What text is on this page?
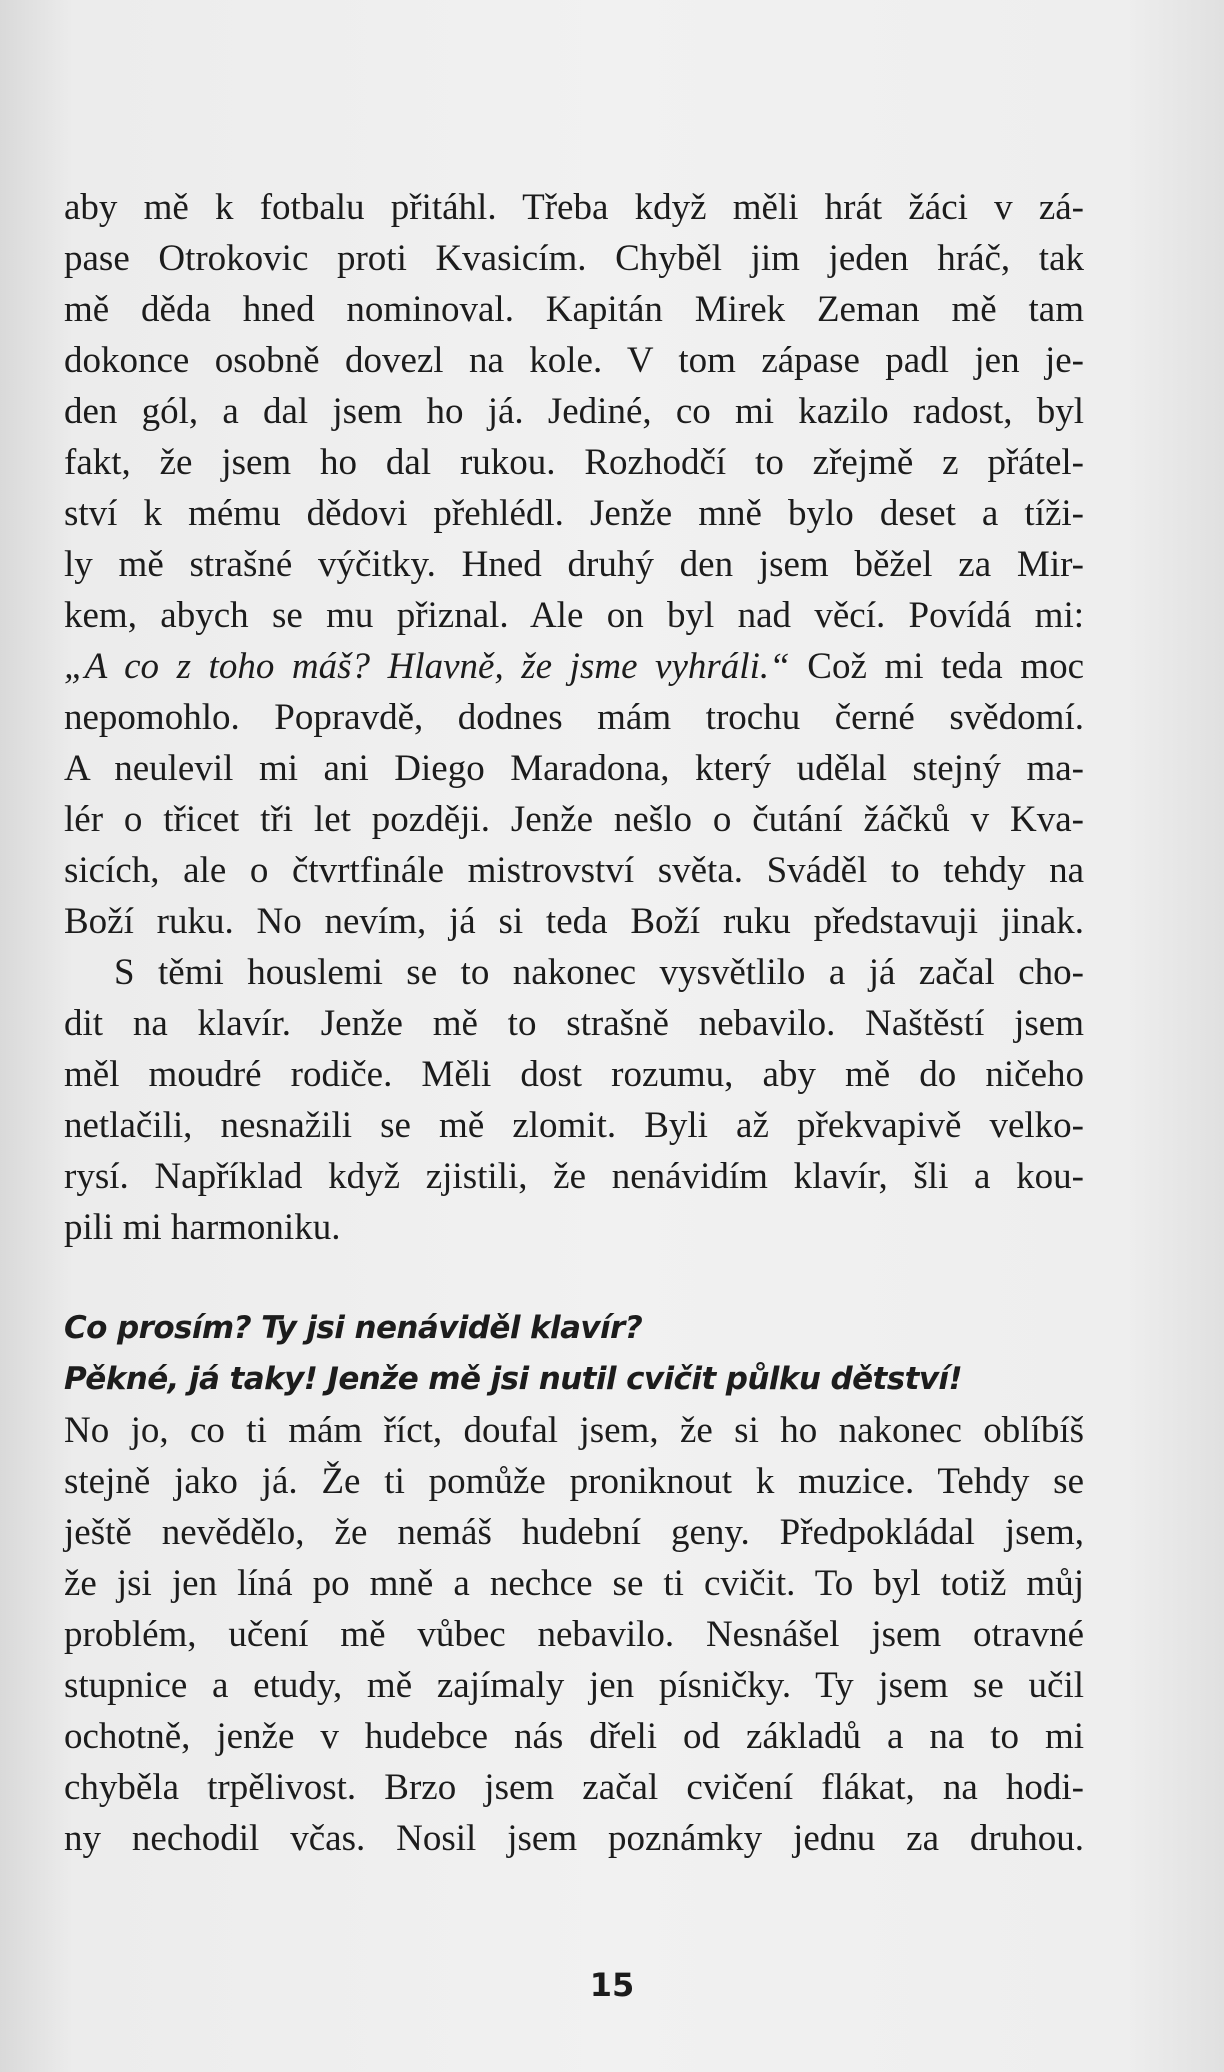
aby mě k fotbalu přitáhl. Třeba když měli hrát žáci v zá-
pase Otrokovic proti Kvasicím. Chyběl jim jeden hráč, tak
mě děda hned nominoval. Kapitán Mirek Zeman mě tam
dokonce osobně dovezl na kole. V tom zápase padl jen je-
den gól, a dal jsem ho já. Jediné, co mi kazilo radost, byl
fakt, že jsem ho dal rukou. Rozhodčí to zřejmě z přátel-
ství k mému dědovi přehlédl. Jenže mně bylo deset a tíži-
ly mě strašné výčitky. Hned druhý den jsem běžel za Mir-
kem, abych se mu přiznal. Ale on byl nad věcí. Povídá mi:
„A co z toho máš? Hlavně, že jsme vyhráli.“ Což mi teda moc
nepomohlo. Popravdě, dodnes mám trochu černé svědomí.
A neulevil mi ani Diego Maradona, který udělal stejný ma-
lér o třicet tři let později. Jenže nešlo o čutání žáčků v Kva-
sicích, ale o čtvrtfinále mistrovství světa. Sváděl to tehdy na
Boží ruku. No nevím, já si teda Boží ruku představuji jinak.
S těmi houslemi se to nakonec vysvětlilo a já začal cho-
dit na klavír. Jenže mě to strašně nebavilo. Naštěstí jsem
měl moudré rodiče. Měli dost rozumu, aby mě do ničeho
netlačili, nesnažili se mě zlomit. Byli až překvapivě velko-
rysí. Například když zjistili, že nenávidím klavír, šli a kou-
pili mi harmoniku.
Co prosím? Ty jsi nenáviděl klavír?
Pěkné, já taky! Jenže mě jsi nutil cvičit půlku dětství!
No jo, co ti mám říct, doufal jsem, že si ho nakonec oblíbíš
stejně jako já. Že ti pomůže proniknout k muzice. Tehdy se
ještě nevědělo, že nemáš hudební geny. Předpokládal jsem,
že jsi jen líná po mně a nechce se ti cvičit. To byl totiž můj
problém, učení mě vůbec nebavilo. Nesnášel jsem otravné
stupnice a etudy, mě zajímaly jen písničky. Ty jsem se učil
ochotně, jenže v hudebce nás dřeli od základů a na to mi
chyběla trpělivost. Brzo jsem začal cvičení flákat, na hodi-
ny nechodil včas. Nosil jsem poznámky jednu za druhou.
15
